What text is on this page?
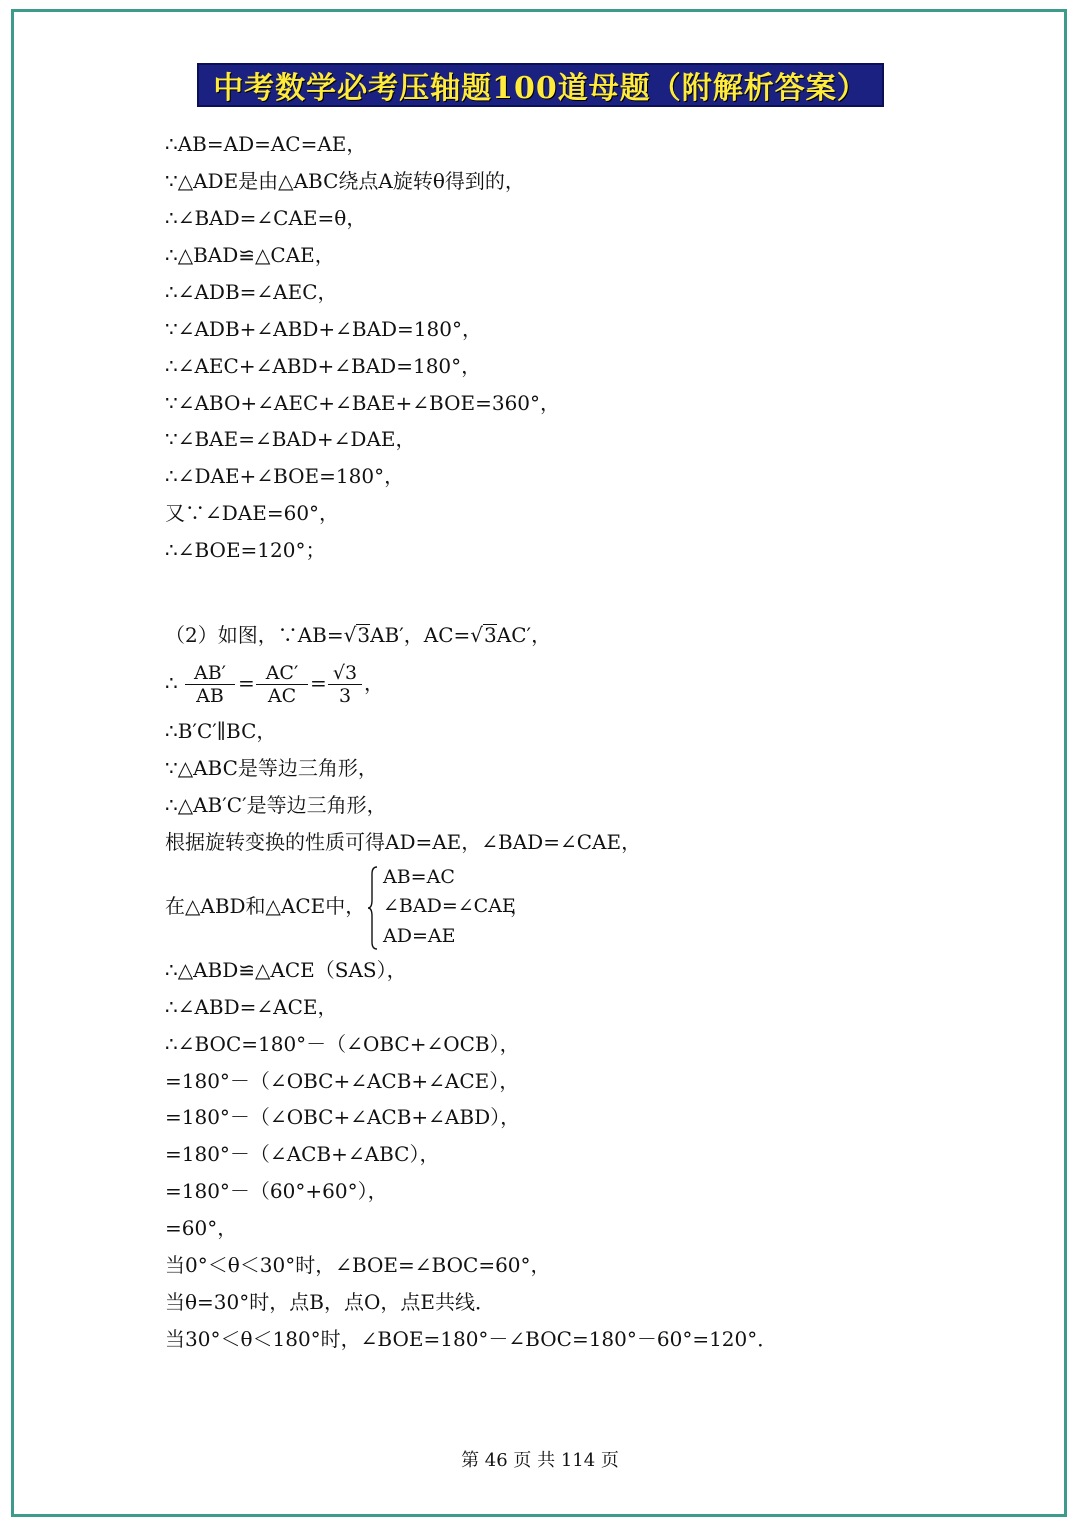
中考数学必考压轴题100道母题（附解析答案）
∴AB=AD=AC=AE，
∵△ADE是由△ABC绕点A旋转θ得到的，
∴∠BAD=∠CAE=θ，
∴△BAD≌△CAE，
∴∠ADB=∠AEC，
∵∠ADB+∠ABD+∠BAD=180°，
∴∠AEC+∠ABD+∠BAD=180°，
∵∠ABO+∠AEC+∠BAE+∠BOE=360°，
∵∠BAE=∠BAD+∠DAE，
∴∠DAE+∠BOE=180°，
又∵∠DAE=60°，
∴∠BOE=120°；
（2）如图，∵AB=√3AB′，AC=√3AC′，
∴ $\frac{AB'}{AB} = \frac{AC'}{AC} = \frac{√3}{3}$ ，
∴B′C′∥BC，
∵△ABC是等边三角形，
∴△AB′C′是等边三角形，
根据旋转变换的性质可得AD=AE，∠BAD=∠CAE，
在△ABD和△ACE中，
AB=AC
∠BAD=∠CAE
AD=AE
，
∴△ABD≌△ACE（SAS），
∴∠ABD=∠ACE，
∴∠BOC=180°－（∠OBC+∠OCB），
=180°－（∠OBC+∠ACB+∠ACE），
=180°－（∠OBC+∠ACB+∠ABD），
=180°－（∠ACB+∠ABC），
=180°－（60°+60°），
=60°，
当0°＜θ＜30°时，∠BOE=∠BOC=60°，
当θ=30°时，点B，点O，点E共线．
当30°＜θ＜180°时，∠BOE=180°－∠BOC=180°－60°=120°．
第 46 页 共 114 页
